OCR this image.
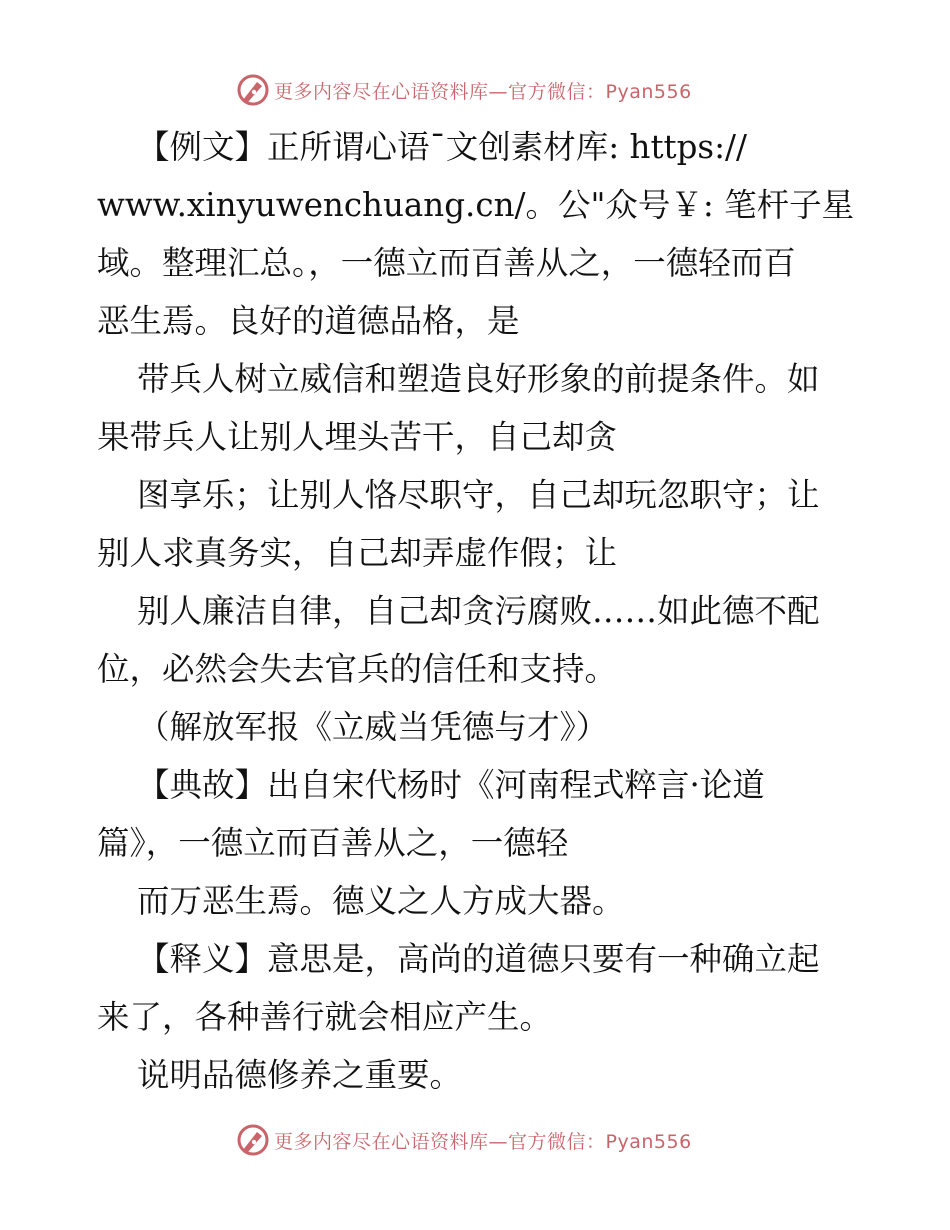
更多内容尽在心语资料库—官方微信：Pyan556
【例文】正所谓心语¯文创素材库: https://
www.xinyuwenchuang.cn/。公"众号￥: 笔杆子星
域。整理汇总。，一德立而百善从之，一德轻而百
恶生焉。良好的道德品格，是
带兵人树立威信和塑造良好形象的前提条件。如
果带兵人让别人埋头苦干，自己却贪
图享乐；让别人恪尽职守，自己却玩忽职守；让
别人求真务实，自己却弄虚作假；让
别人廉洁自律，自己却贪污腐败……如此德不配
位，必然会失去官兵的信任和支持。
（解放军报《立威当凭德与才》）
【典故】出自宋代杨时《河南程式粹言·论道
篇》，一德立而百善从之，一德轻
而万恶生焉。德义之人方成大器。
【释义】意思是，高尚的道德只要有一种确立起
来了，各种善行就会相应产生。
说明品德修养之重要。
更多内容尽在心语资料库—官方微信：Pyan556
